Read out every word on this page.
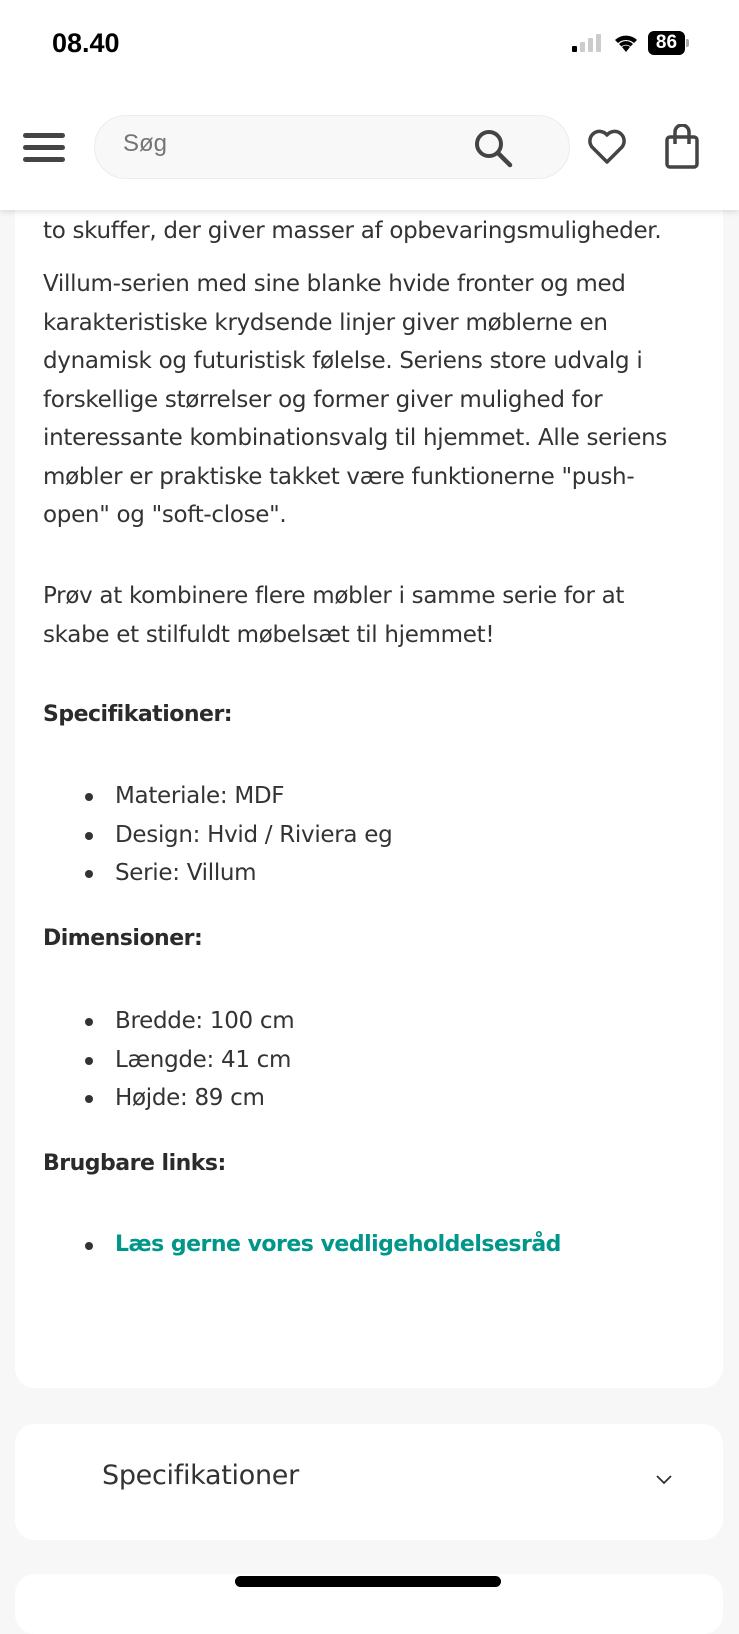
to skuffer, der giver masser af opbevaringsmuligheder.
Villum-serien med sine blanke hvide fronter og med
karakteristiske krydsende linjer giver møblerne en
dynamisk og futuristisk følelse. Seriens store udvalg i
forskellige størrelser og former giver mulighed for
interessante kombinationsvalg til hjemmet. Alle seriens
møbler er praktiske takket være funktionerne "push-
open" og "soft-close".
Prøv at kombinere flere møbler i samme serie for at
skabe et stilfuldt møbelsæt til hjemmet!
Specifikationer:
Materiale: MDF
Design: Hvid / Riviera eg
Serie: Villum
Dimensioner:
Bredde: 100 cm
Længde: 41 cm
Højde: 89 cm
Brugbare links:
Læs gerne vores vedligeholdelsesråd
Specifikationer
08.40	86
Søg
